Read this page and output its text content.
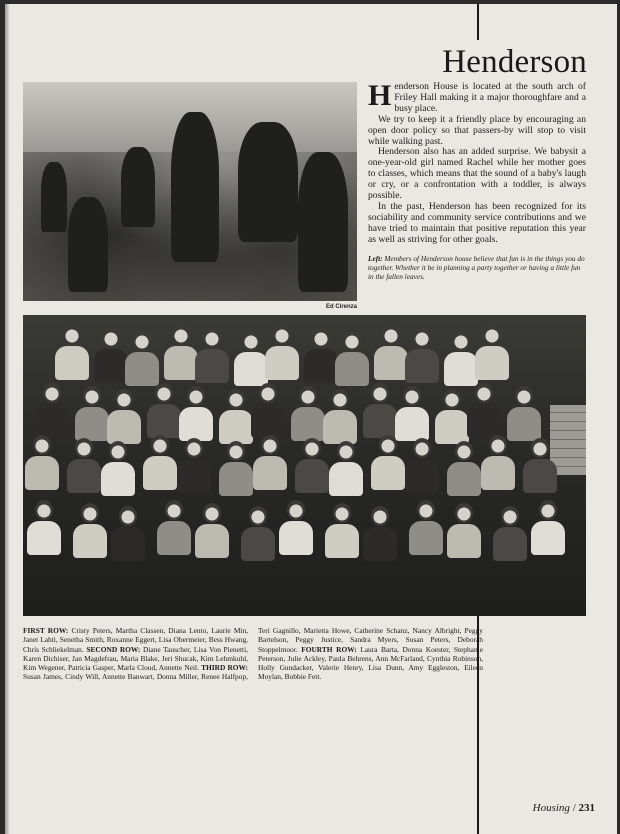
Henderson
Ed Cirenza

Henderson House is located at the south arch of Friley Hall making it a major thoroughfare and a busy place.

We try to keep it a friendly place by encouraging an open door policy so that passers-by will stop to visit while walking past.

Henderson also has an added surprise. We babysit a one-year-old girl named Rachel while her mother goes to classes, which means that the sound of a baby's laugh or cry, or a confrontation with a toddler, is always possible.

In the past, Henderson has been recognized for its sociability and community service contributions and we have tried to maintain that positive reputation this year as well as striving for other goals.

Left: Members of Henderson house believe that fun is in the things you do together. Whether it be in planning a party together or having a little fun in the fallen leaves.
FIRST ROW: Cristy Peters, Martha Classen, Diana Lento, Laurie Min, Janet Lahti, Senetha Smith, Roxanne Eggert, Lisa Obermeier, Bess Hwang, Chris Schliekelman. SECOND ROW: Diane Tauscher, Lisa Von Pienetti, Karen Dichiser, Jan Magdefrau, Maria Blake, Jeri Shucak, Kim Lehmkuhl, Kim Wegener, Patricia Gasper, Marla Cloud, Annette Neil. THIRD ROW: Susan James, Cindy Will, Annette Banwart, Donna Miller, Renee Halfpop, Teri Gagnillo, Marietta Howe, Catherine Schanz, Nancy Albright, Peggy Bartelson, Peggy Justice, Sandra Myers, Susan Peters, Deborah Stoppelmoor. FOURTH ROW: Laura Barta, Donna Koester, Stephanie Peterson, Julie Ackley, Paula Behrens, Ann McFarland, Cynthia Robinson, Holly Gundacker, Valerie Henry, Lisa Dunn, Amy Eggleston, Eileen Moylan, Bobbie Fett.
Housing / 231
